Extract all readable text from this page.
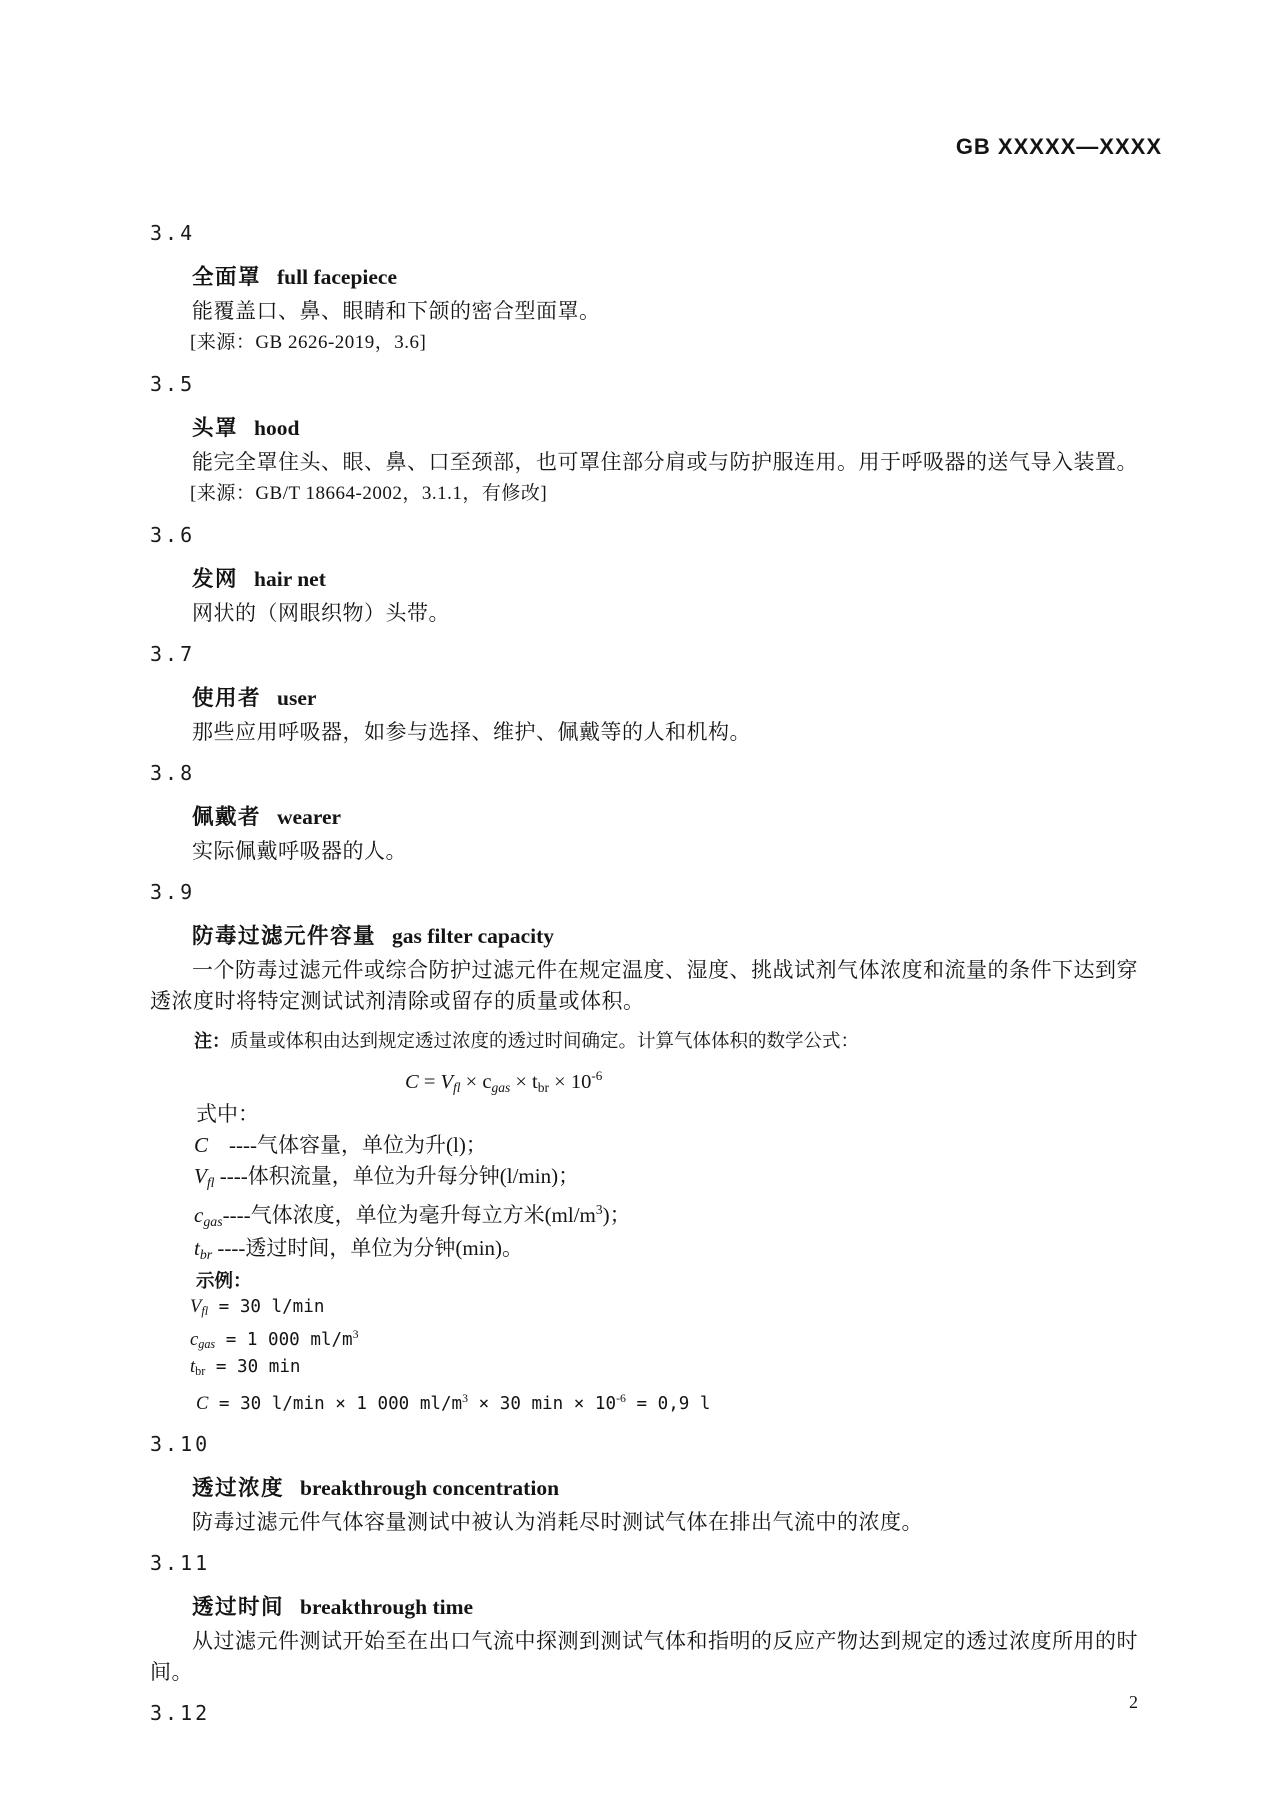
GB XXXXX—XXXX
3.4
全面罩 full facepiece

能覆盖口、鼻、眼睛和下颌的密合型面罩。

[来源：GB 2626-2019，3.6]

3.5
头罩 hood

能完全罩住头、眼、鼻、口至颈部，也可罩住部分肩或与防护服连用。用于呼吸器的送气导入装置。

[来源：GB/T 18664-2002，3.1.1，有修改]

3.6
发网 hair net

网状的（网眼织物）头带。

3.7
使用者 user

那些应用呼吸器，如参与选择、维护、佩戴等的人和机构。

3.8
佩戴者 wearer

实际佩戴呼吸器的人。

3.9
防毒过滤元件容量 gas filter capacity

一个防毒过滤元件或综合防护过滤元件在规定温度、湿度、挑战试剂气体浓度和流量的条件下达到穿透浓度时将特定测试试剂清除或留存的质量或体积。

注：质量或体积由达到规定透过浓度的透过时间确定。计算气体体积的数学公式：
C = Vfl × cgas × tbr × $10^{-6}$
式中：
C　----气体容量，单位为升(l)；
Vfl ----体积流量，单位为升每分钟(l/min)；
cgas----气体浓度，单位为毫升每立方米$(ml/m^3)$；
tbr ----透过时间，单位为分钟(min)。
示例：
Vfl = 30 l/min
cgas = 1 000 $ml/m^3$
tbr = 30 min
C = 30 l/min × 1 000 $ml/m^3 \times 30$ $\min \times 10^{-6} = 0,9$ l
3.10
透过浓度 breakthrough concentration

防毒过滤元件气体容量测试中被认为消耗尽时测试气体在排出气流中的浓度。

3.11
透过时间 breakthrough time

从过滤元件测试开始至在出口气流中探测到测试气体和指明的反应产物达到规定的透过浓度所用的时间。

3.12	2
